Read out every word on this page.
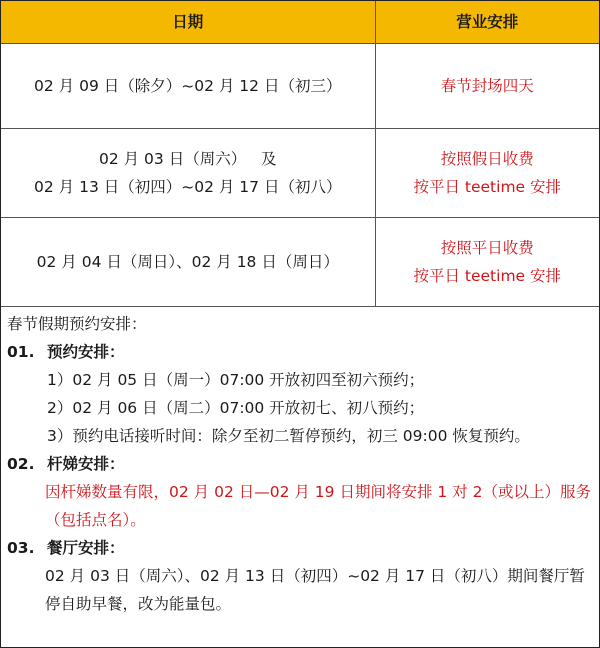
日期	营业安排

02 月 09 日（除夕）~02 月 12 日（初三）	春节封场四天

02 月 03 日（周六）   及
02 月 13 日（初四）~02 月 17 日（初八）	按照假日收费
按平日 teetime 安排

02 月 04 日（周日）、02 月 18 日（周日）	按照平日收费
按平日 teetime 安排
春节假期预约安排：
01. 预约安排：
1）02 月 05 日（周一）07:00 开放初四至初六预约；
2）02 月 06 日（周二）07:00 开放初七、初八预约；
3）预约电话接听时间：除夕至初二暂停预约，初三 09:00 恢复预约。
02. 杆娣安排：
因杆娣数量有限，02 月 02 日—02 月 19 日期间将安排 1 对 2（或以上）服务（包括点名）。
03. 餐厅安排：
02 月 03 日（周六）、02 月 13 日（初四）~02 月 17 日（初八）期间餐厅暂停自助早餐，改为能量包。
